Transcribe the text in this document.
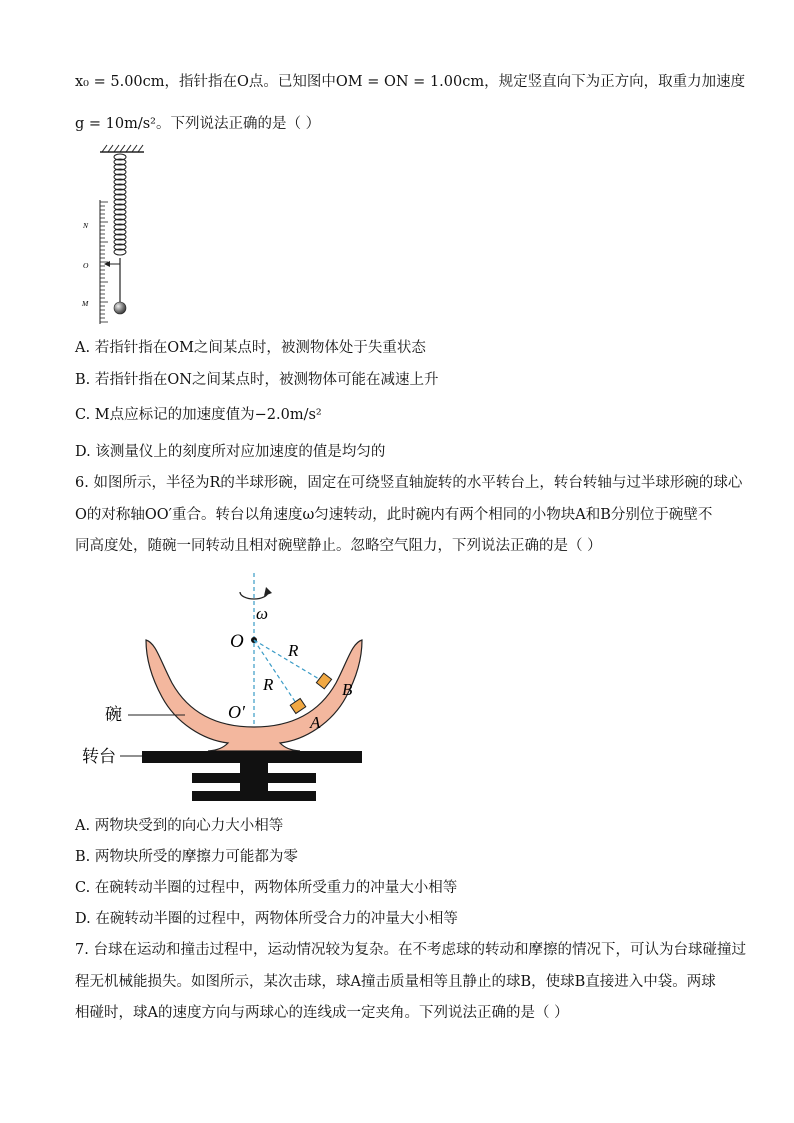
x₀ = 5.00cm，指针指在O点。已知图中OM = ON = 1.00cm，规定竖直向下为正方向，取重力加速度
g = 10m/s²。下列说法正确的是（ ）
N
O
M
A. 若指针指在OM之间某点时，被测物体处于失重状态
B. 若指针指在ON之间某点时，被测物体可能在减速上升
C. M点应标记的加速度值为−2.0m/s²
D. 该测量仪上的刻度所对应加速度的值是均匀的
6. 如图所示，半径为R的半球形碗，固定在可绕竖直轴旋转的水平转台上，转台转轴与过半球形碗的球心
O的对称轴OO′重合。转台以角速度ω匀速转动，此时碗内有两个相同的小物块A和B分别位于碗壁不
同高度处，随碗一同转动且相对碗壁静止。忽略空气阻力，下列说法正确的是（ ）
ω
O
O′
R
R
A
B
碗
转台
A. 两物块受到的向心力大小相等
B. 两物块所受的摩擦力可能都为零
C. 在碗转动半圈的过程中，两物体所受重力的冲量大小相等
D. 在碗转动半圈的过程中，两物体所受合力的冲量大小相等
7. 台球在运动和撞击过程中，运动情况较为复杂。在不考虑球的转动和摩擦的情况下，可认为台球碰撞过
程无机械能损失。如图所示，某次击球，球A撞击质量相等且静止的球B，使球B直接进入中袋。两球
相碰时，球A的速度方向与两球心的连线成一定夹角。下列说法正确的是（ ）
